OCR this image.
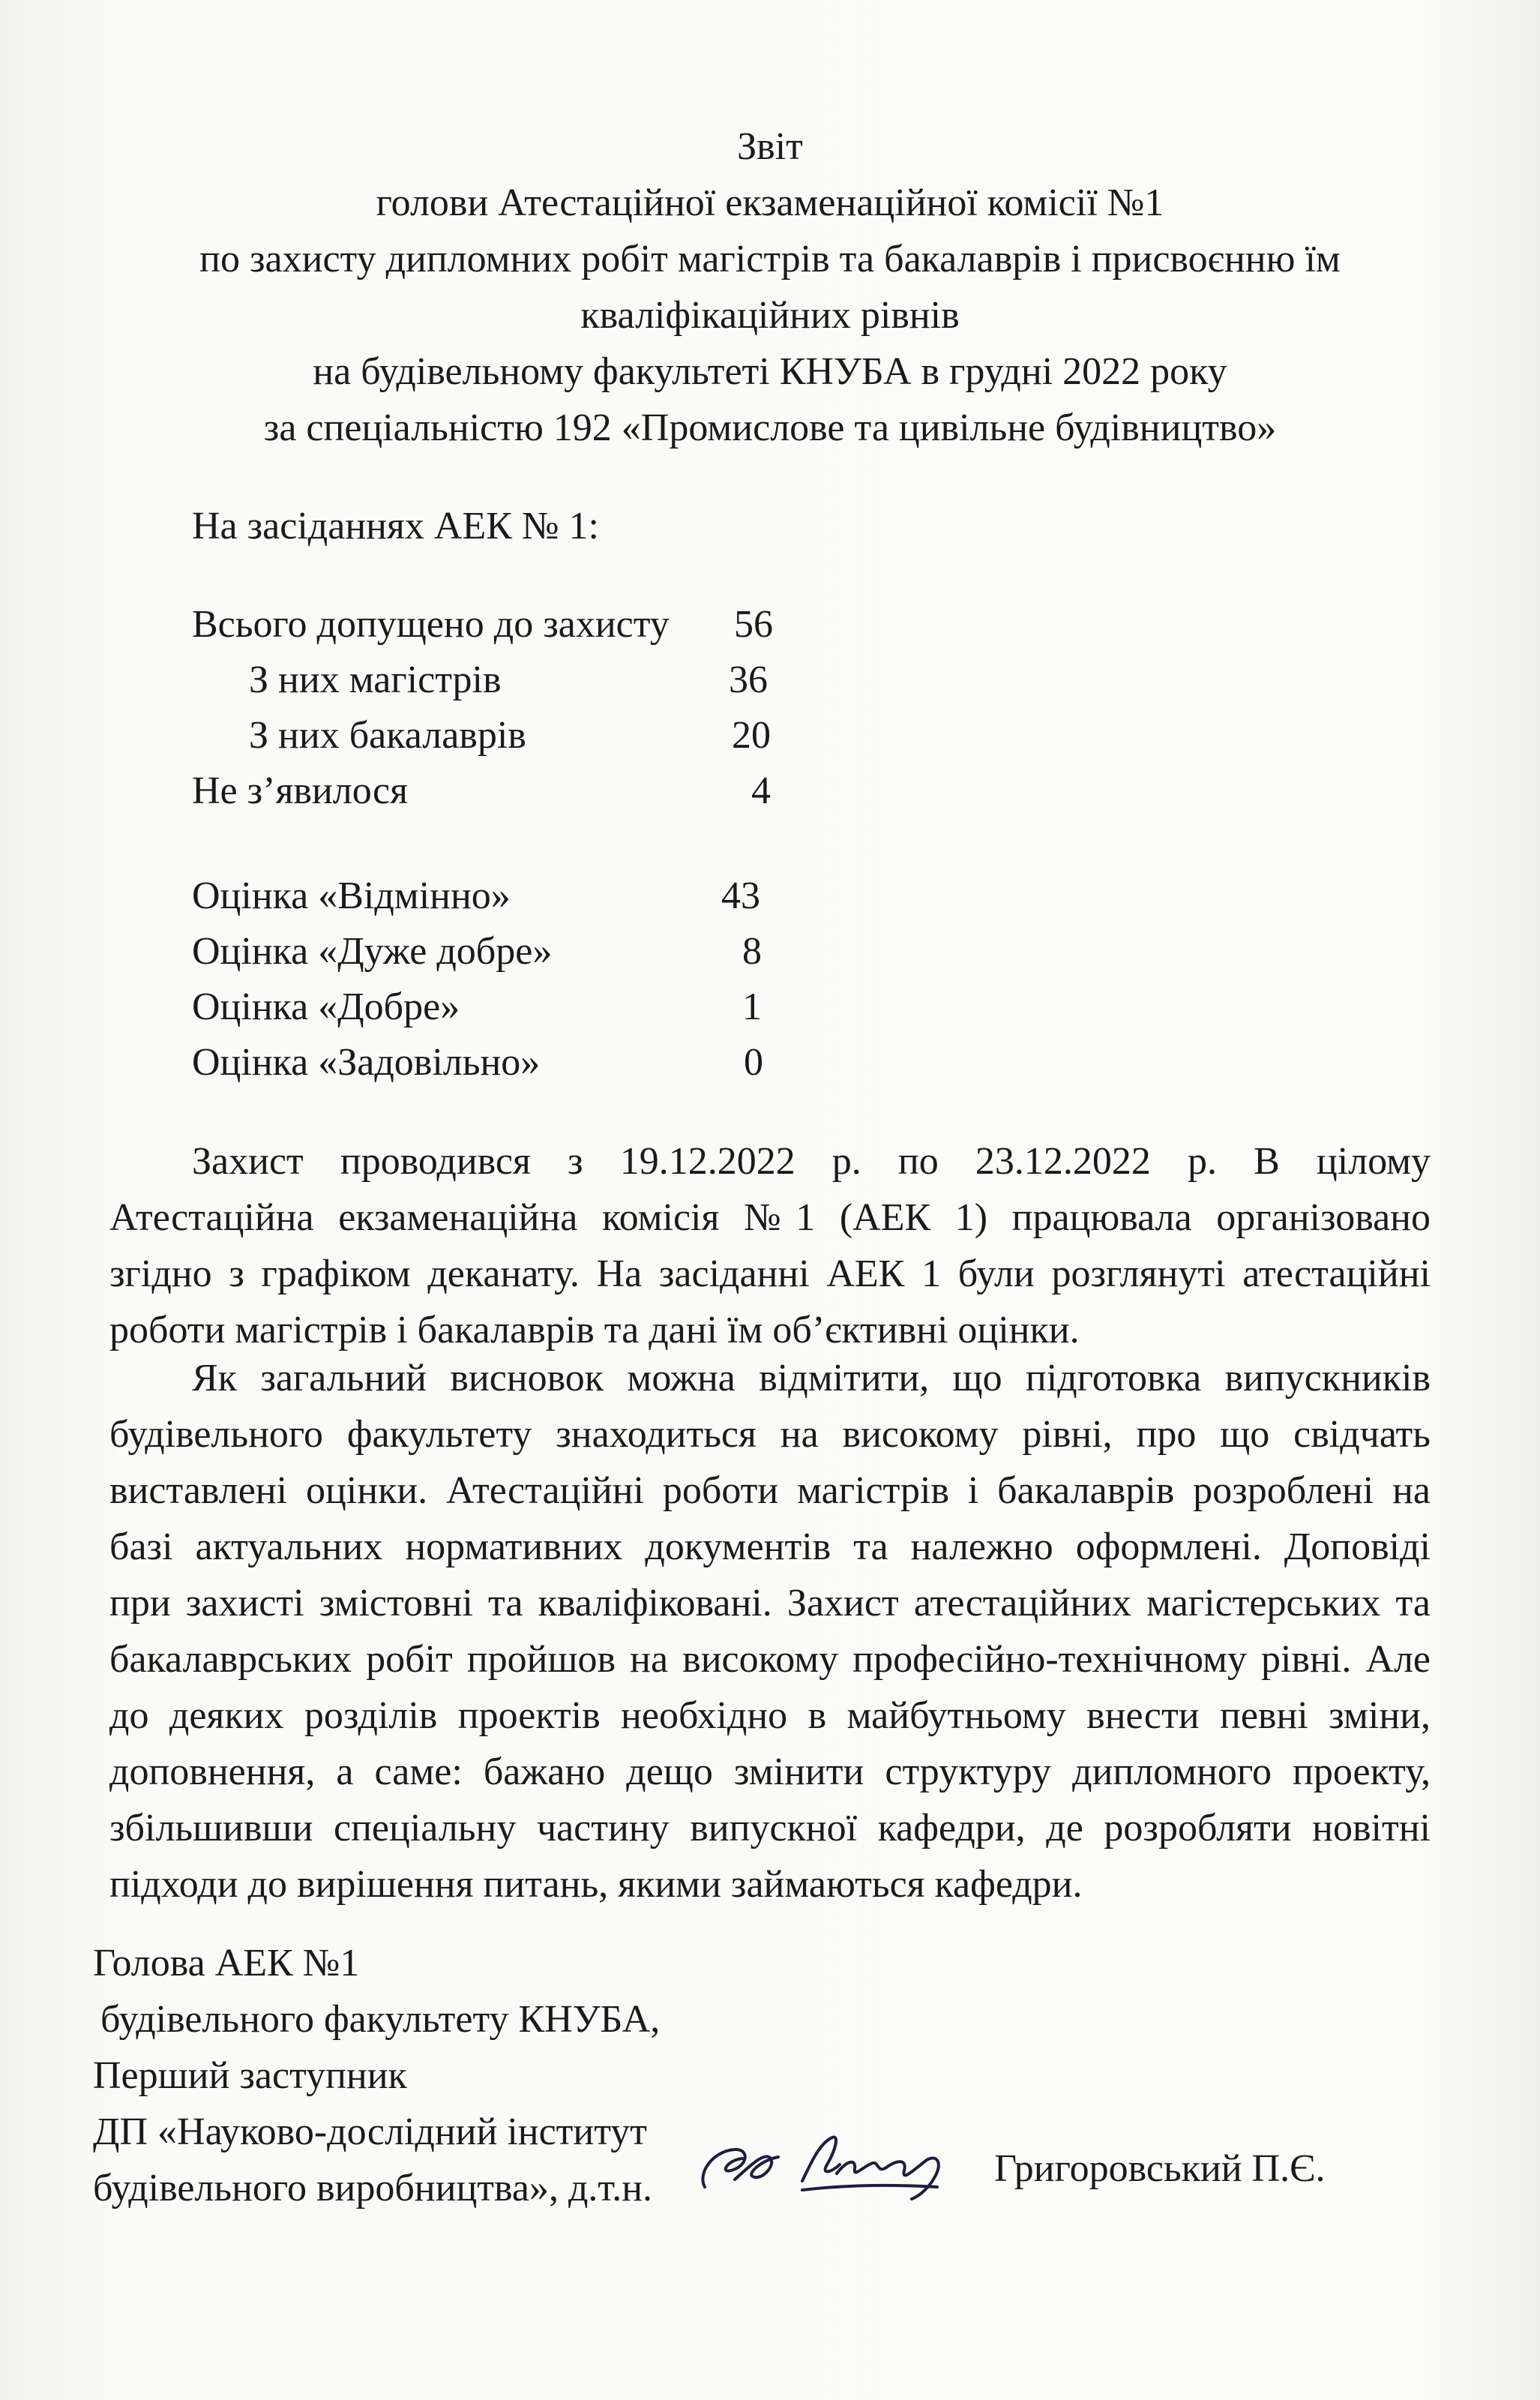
Звіт
голови Атестаційної екзаменаційної комісії №1
по захисту дипломних робіт магістрів та бакалаврів і присвоєнню їм
кваліфікаційних рівнів
на будівельному факультеті КНУБА в грудні 2022 року
за спеціальністю 192 «Промислове та цивільне будівництво»
На засіданнях АЕК № 1:
Всього допущено до захисту	56
З них магістрів	36
З них бакалаврів	20
Не з’явилося	4
Оцінка «Відмінно»	43
Оцінка «Дуже добре»	8
Оцінка «Добре»	1
Оцінка «Задовільно»	0
Захист проводився з 19.12.2022 р. по 23.12.2022 р. В цілому
Атестаційна екзаменаційна комісія №1 (АЕК 1) працювала організовано
згідно з графіком деканату. На засіданні АЕК 1 були розглянуті атестаційні
роботи магістрів і бакалаврів та дані їм об’єктивні оцінки.
Як загальний висновок можна відмітити, що підготовка випускників
будівельного факультету знаходиться на високому рівні, про що свідчать
виставлені оцінки. Атестаційні роботи магістрів і бакалаврів розроблені на
базі актуальних нормативних документів та належно оформлені. Доповіді
при захисті змістовні та кваліфіковані. Захист атестаційних магістерських та
бакалаврських робіт пройшов на високому професійно-технічному рівні. Але
до деяких розділів проектів необхідно в майбутньому внести певні зміни,
доповнення, а саме: бажано дещо змінити структуру дипломного проекту,
збільшивши спеціальну частину випускної кафедри, де розробляти новітні
підходи до вирішення питань, якими займаються кафедри.
Голова АЕК №1
будівельного факультету КНУБА,
Перший заступник
ДП «Науково-дослідний інститут
будівельного виробництва», д.т.н.	Григоровський П.Є.
